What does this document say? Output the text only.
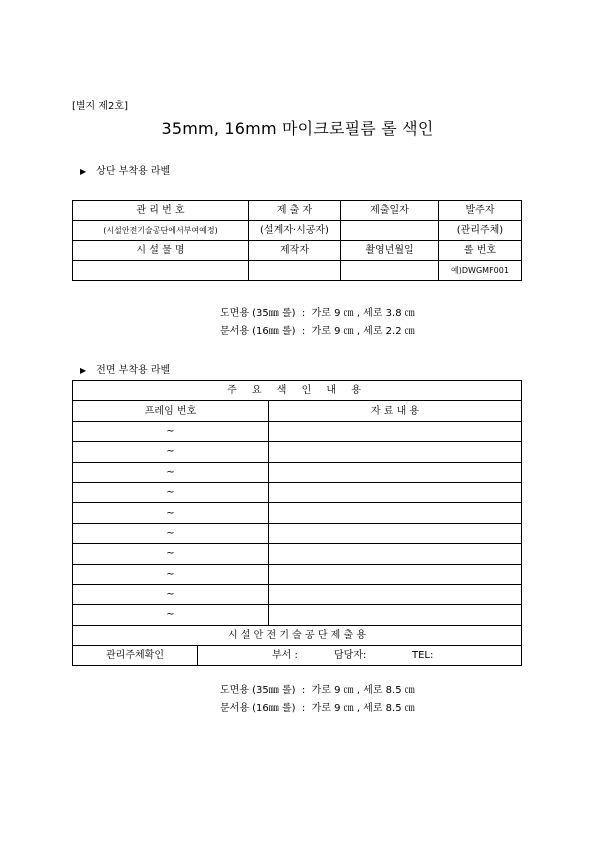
[별지 제2호]
35mm, 16mm 마이크로필름 롤 색인
▶ 상단 부착용 라벨
관 리 번 호	제 출 자	제출일자	발주자
(시설안전기술공단에서부여예정)	(설계자·시공자)		(관리주체)
시 설 물 명	제작자	촬영년월일	롤 번호
			예)DWGMF001
도면용 (35㎜ 롤)  :  가로 9 ㎝ , 세로 3.8 ㎝
문서용 (16㎜ 롤)  :  가로 9 ㎝ , 세로 2.2 ㎝
▶ 전면 부착용 라벨
주 요 색 인 내 용		
프레임 번호		자 료 내 용
~		
~		
~		
~		
~		
~		
~		
~		
~		
~		
시 설 안 전 기 술 공 단 제 출 용		
관리주체확인	부서 : 담당자: TEL:	
도면용 (35㎜ 롤)  :  가로 9 ㎝ , 세로 8.5 ㎝
문서용 (16㎜ 롤)  :  가로 9 ㎝ , 세로 8.5 ㎝
